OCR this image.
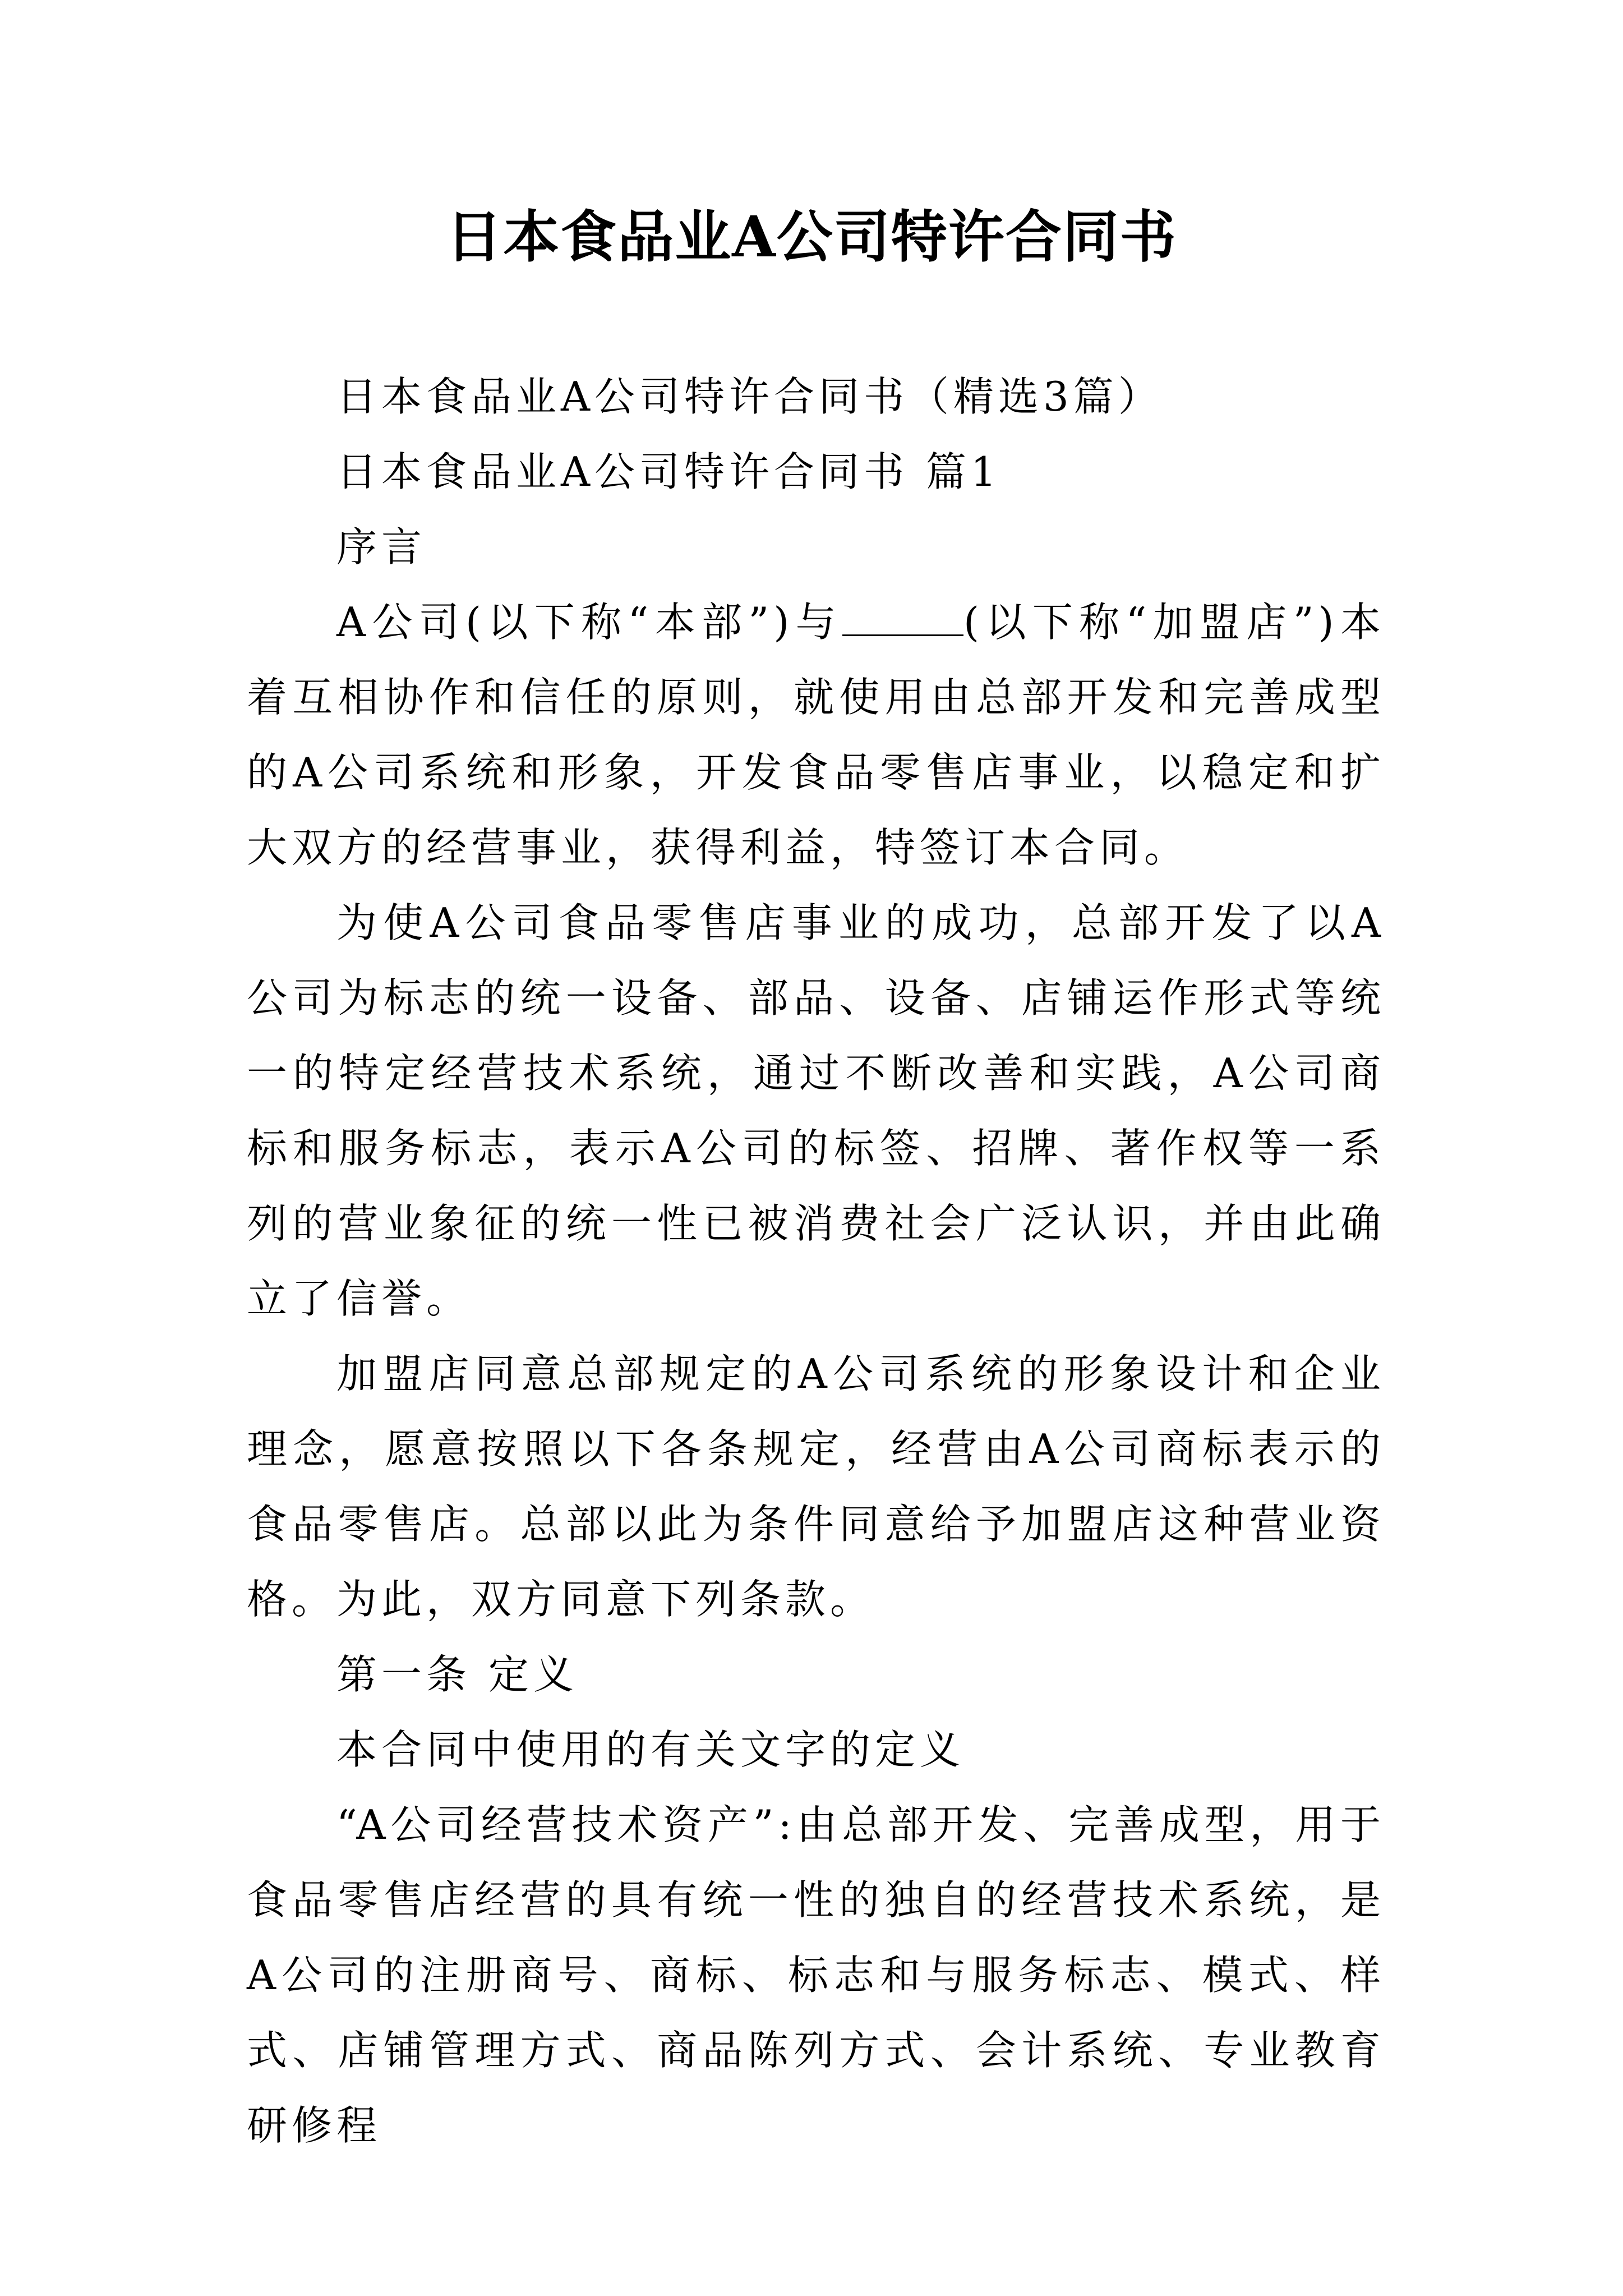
日本食品业A公司特许合同书

日本食品业A公司特许合同书（精选3篇）

日本食品业A公司特许合同书 篇1

序言

A公司(以下称“本部”)与	(以下称“加盟店”)本着互相协作和信任的原则，就使用由总部开发和完善成型的A公司系统和形象，开发食品零售店事业，以稳定和扩大双方的经营事业，获得利益，特签订本合同。

为使A公司食品零售店事业的成功，总部开发了以A公司为标志的统一设备、部品、设备、店铺运作形式等统一的特定经营技术系统，通过不断改善和实践，A公司商标和服务标志，表示A公司的标签、招牌、著作权等一系列的营业象征的统一性已被消费社会广泛认识，并由此确立了信誉。

加盟店同意总部规定的A公司系统的形象设计和企业理念，愿意按照以下各条规定，经营由A公司商标表示的食品零售店。总部以此为条件同意给予加盟店这种营业资格。为此，双方同意下列条款。

第一条 定义

本合同中使用的有关文字的定义

“A公司经营技术资产”:由总部开发、完善成型，用于食品零售店经营的具有统一性的独自的经营技术系统，是A公司的注册商号、商标、标志和与服务标志、模式、样式、店铺管理方式、商品陈列方式、会计系统、专业教育研修程
